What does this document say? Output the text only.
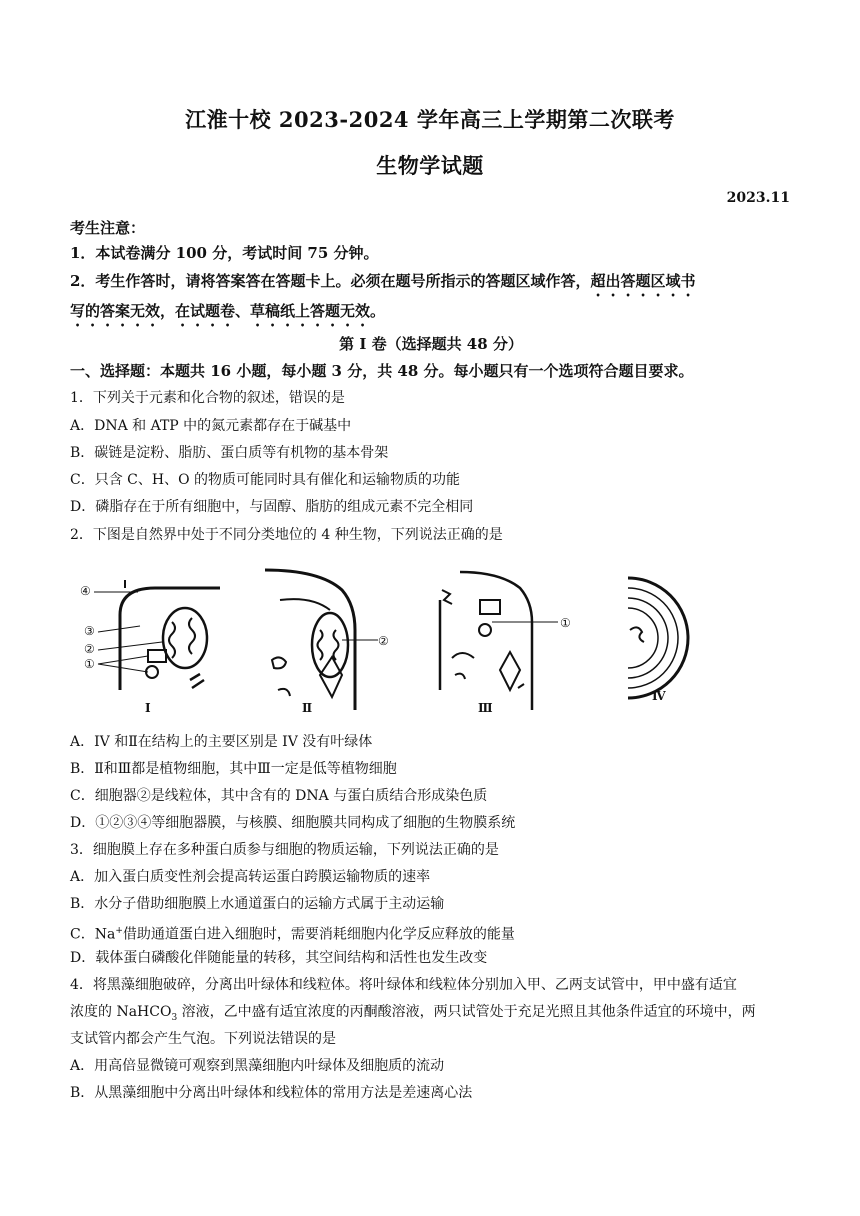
江淮十校 2023-2024 学年高三上学期第二次联考
生物学试题
2023.11
考生注意：
1．本试卷满分 100 分，考试时间 75 分钟。
2．考生作答时，请将答案答在答题卡上。必须在题号所指示的答题区域作答，超出答题区域书
写的答案无效，在试题卷、草稿纸上答题无效。
第 I 卷（选择题共 48 分）
一、选择题：本题共 16 小题，每小题 3 分，共 48 分。每小题只有一个选项符合题目要求。
1．下列关于元素和化合物的叙述，错误的是
A．DNA 和 ATP 中的氮元素都存在于碱基中
B．碳链是淀粉、脂肪、蛋白质等有机物的基本骨架
C．只含 C、H、O 的物质可能同时具有催化和运输物质的功能
D．磷脂存在于所有细胞中，与固醇、脂肪的组成元素不完全相同
2．下图是自然界中处于不同分类地位的 4 种生物，下列说法正确的是
④
③
②
①
Ⅰ
②
Ⅱ
①
Ⅲ
Ⅳ
A．IV 和Ⅱ在结构上的主要区别是 IV 没有叶绿体
B．Ⅱ和Ⅲ都是植物细胞，其中Ⅲ一定是低等植物细胞
C．细胞器②是线粒体，其中含有的 DNA 与蛋白质结合形成染色质
D．①②③④等细胞器膜，与核膜、细胞膜共同构成了细胞的生物膜系统
3．细胞膜上存在多种蛋白质参与细胞的物质运输，下列说法正确的是
A．加入蛋白质变性剂会提高转运蛋白跨膜运输物质的速率
B．水分子借助细胞膜上水通道蛋白的运输方式属于主动运输
C．Na+借助通道蛋白进入细胞时，需要消耗细胞内化学反应释放的能量
D．载体蛋白磷酸化伴随能量的转移，其空间结构和活性也发生改变
4．将黑藻细胞破碎，分离出叶绿体和线粒体。将叶绿体和线粒体分别加入甲、乙两支试管中，甲中盛有适宜
浓度的 NaHCO$_3$ 溶液，乙中盛有适宜浓度的丙酮酸溶液，两只试管处于充足光照且其他条件适宜的环境中，两
支试管内都会产生气泡。下列说法错误的是
A．用高倍显微镜可观察到黑藻细胞内叶绿体及细胞质的流动
B．从黑藻细胞中分离出叶绿体和线粒体的常用方法是差速离心法
